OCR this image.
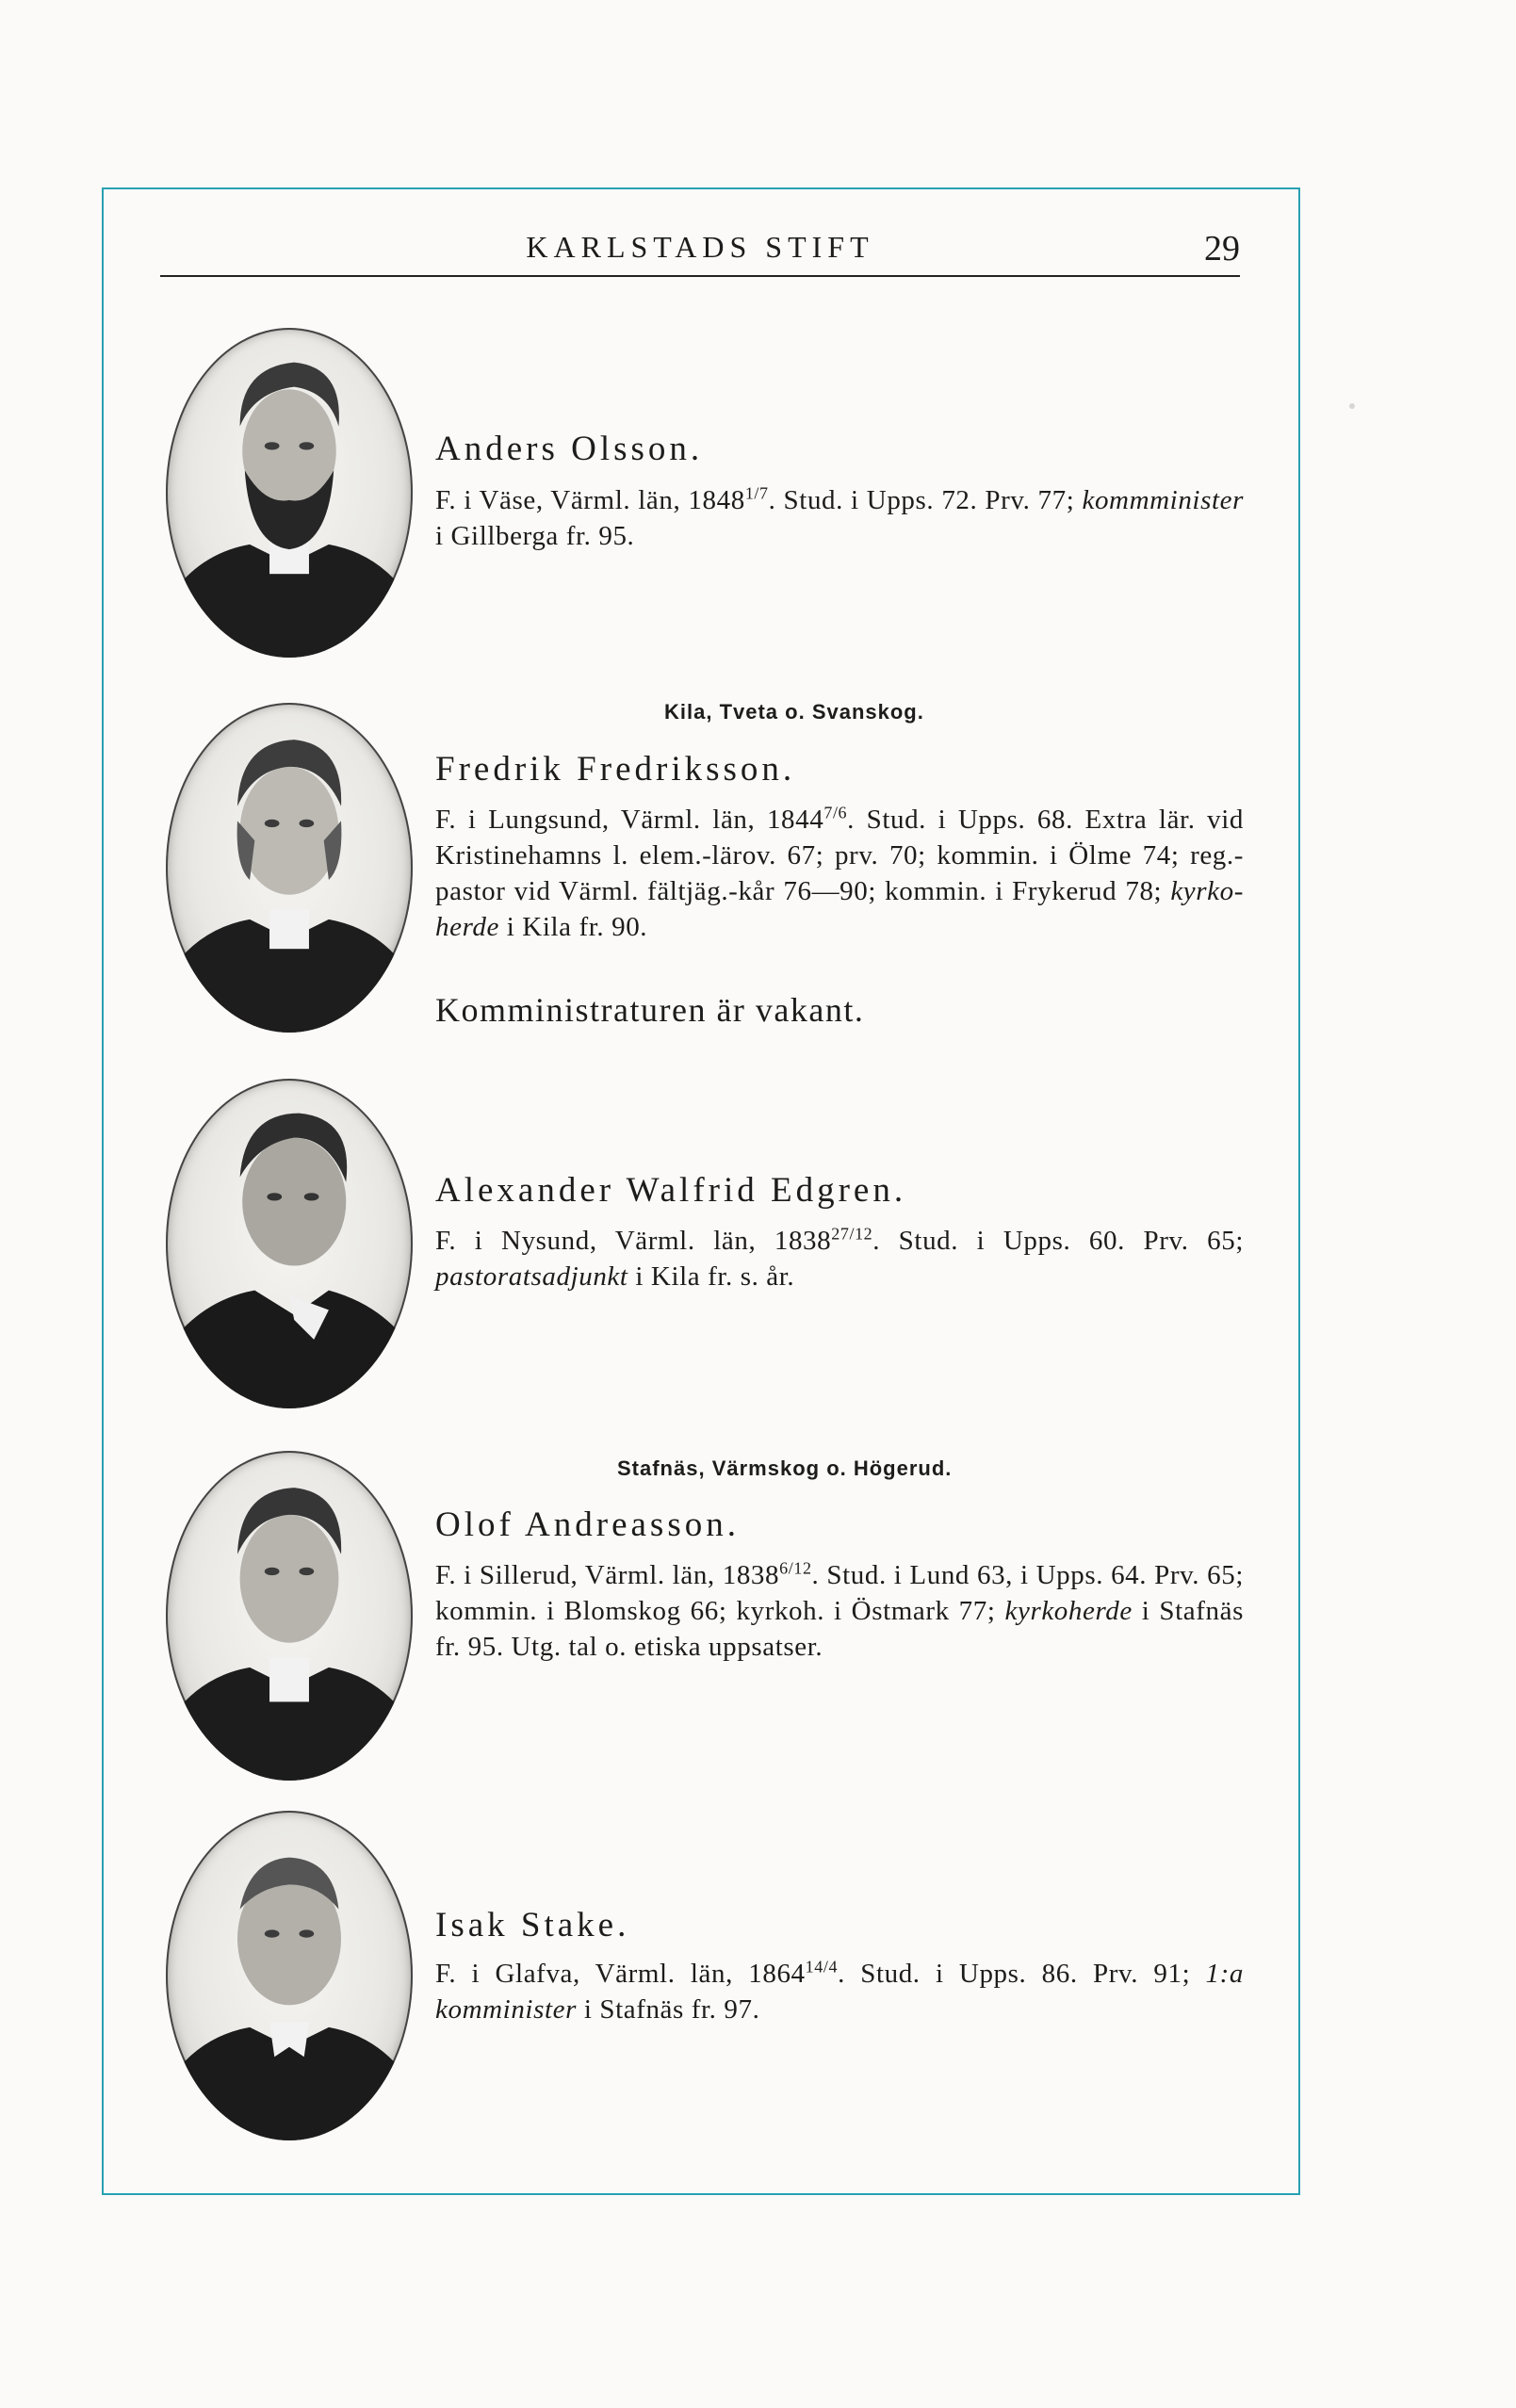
KARLSTADS STIFT	29
Anders Olsson.

F. i Väse, Värml. län, $1848^{1/7}$. Stud. i Upps. 72. Prv. 77; kommminister i Gillberga fr. 95.

Kila, Tveta o. Svanskog.
Fredrik Fredriksson.

F. i Lungsund, Värml. län, $1844^{7/6}$. Stud. i Upps. 68. Extra lär. vid Kristinehamns l. elem.-lärov. 67; prv. 70; kommin. i Ölme 74; reg.-pastor vid Värml. fältjäg.-kår 76—90; kommin. i Frykerud 78; kyrko-herde i Kila fr. 90.

Komministraturen är vakant.
Alexander Walfrid Edgren.

F. i Nysund, Värml. län, $1838^{27/12}$. Stud. i Upps. 60. Prv. 65; pastoratsadjunkt i Kila fr. s. år.

Stafnäs, Värmskog o. Högerud.
Olof Andreasson.

F. i Sillerud, Värml. län, $1838^{6/12}$. Stud. i Lund 63, i Upps. 64. Prv. 65; kommin. i Blomskog 66; kyrkoh. i Östmark 77; kyrkoherde i Stafnäs fr. 95. Utg. tal o. etiska uppsatser.

Isak Stake.

F. i Glafva, Värml. län, $1864^{14/4}$. Stud. i Upps. 86. Prv. 91; 1:a komminister i Stafnäs fr. 97.
